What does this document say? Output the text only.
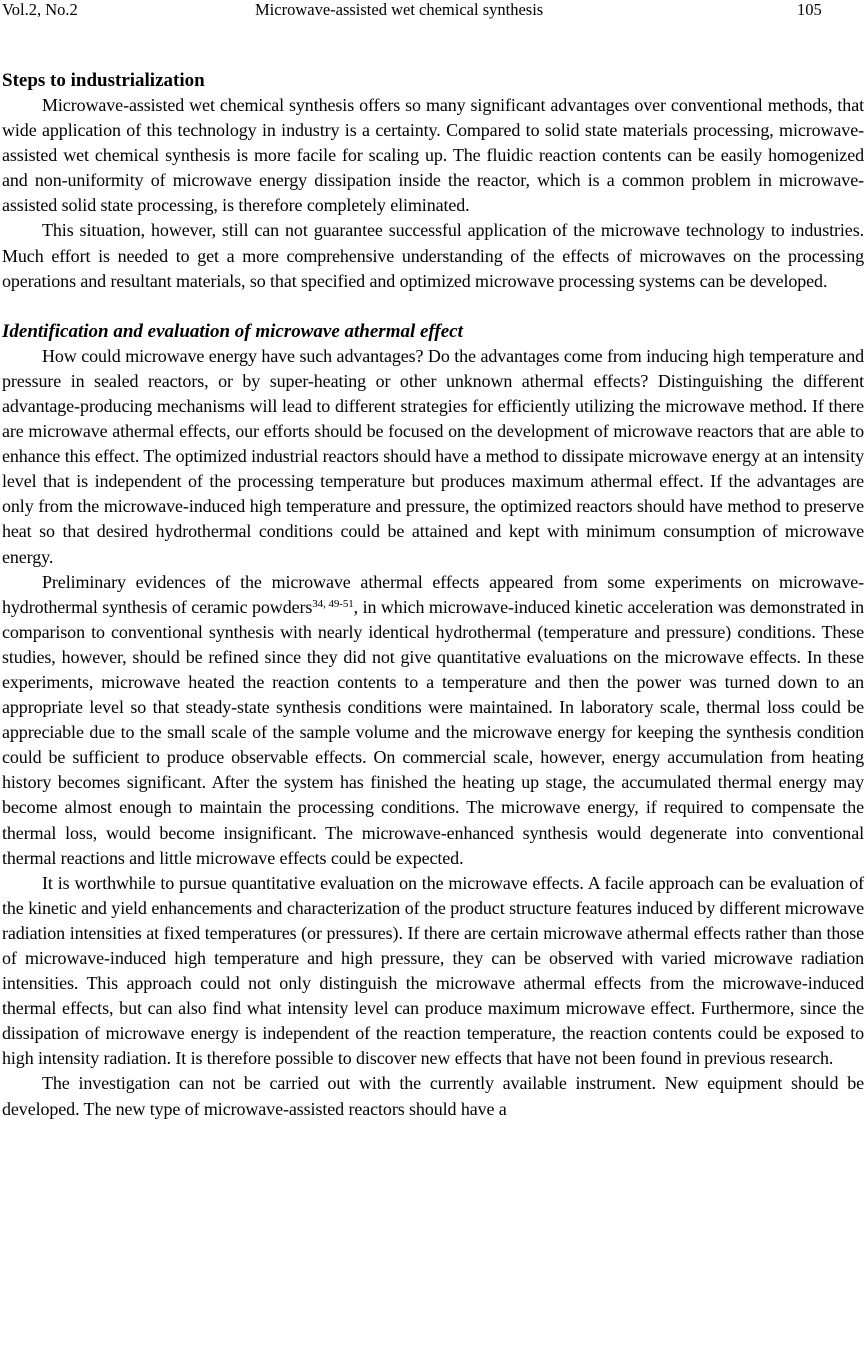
Vol.2, No.2	Microwave-assisted wet chemical synthesis	105
Steps to industrialization

Microwave-assisted wet chemical synthesis offers so many significant advantages over conventional methods, that wide application of this technology in industry is a certainty. Compared to solid state materials processing, microwave-assisted wet chemical synthesis is more facile for scaling up. The fluidic reaction contents can be easily homogenized and non-uniformity of microwave energy dissipation inside the reactor, which is a common problem in microwave-assisted solid state processing, is therefore completely eliminated.

This situation, however, still can not guarantee successful application of the microwave technology to industries. Much effort is needed to get a more comprehensive understanding of the effects of microwaves on the processing operations and resultant materials, so that specified and optimized microwave processing systems can be developed.

Identification and evaluation of microwave athermal effect

How could microwave energy have such advantages? Do the advantages come from inducing high temperature and pressure in sealed reactors, or by super-heating or other unknown athermal effects? Distinguishing the different advantage-producing mechanisms will lead to different strategies for efficiently utilizing the microwave method. If there are microwave athermal effects, our efforts should be focused on the development of microwave reactors that are able to enhance this effect. The optimized industrial reactors should have a method to dissipate microwave energy at an intensity level that is independent of the processing temperature but produces maximum athermal effect. If the advantages are only from the microwave-induced high temperature and pressure, the optimized reactors should have method to preserve heat so that desired hydrothermal conditions could be attained and kept with minimum consumption of microwave energy.

Preliminary evidences of the microwave athermal effects appeared from some experiments on microwave-hydrothermal synthesis of ceramic powders$^{34, 49-51}$, in which microwave-induced kinetic acceleration was demonstrated in comparison to conventional synthesis with nearly identical hydrothermal (temperature and pressure) conditions. These studies, however, should be refined since they did not give quantitative evaluations on the microwave effects. In these experiments, microwave heated the reaction contents to a temperature and then the power was turned down to an appropriate level so that steady-state synthesis conditions were maintained. In laboratory scale, thermal loss could be appreciable due to the small scale of the sample volume and the microwave energy for keeping the synthesis condition could be sufficient to produce observable effects. On commercial scale, however, energy accumulation from heating history becomes significant. After the system has finished the heating up stage, the accumulated thermal energy may become almost enough to maintain the processing conditions. The microwave energy, if required to compensate the thermal loss, would become insignificant. The microwave-enhanced synthesis would degenerate into conventional thermal reactions and little microwave effects could be expected.

It is worthwhile to pursue quantitative evaluation on the microwave effects. A facile approach can be evaluation of the kinetic and yield enhancements and characterization of the product structure features induced by different microwave radiation intensities at fixed temperatures (or pressures). If there are certain microwave athermal effects rather than those of microwave-induced high temperature and high pressure, they can be observed with varied microwave radiation intensities. This approach could not only distinguish the microwave athermal effects from the microwave-induced thermal effects, but can also find what intensity level can produce maximum microwave effect. Furthermore, since the dissipation of microwave energy is independent of the reaction temperature, the reaction contents could be exposed to high intensity radiation. It is therefore possible to discover new effects that have not been found in previous research.

The investigation can not be carried out with the currently available instrument. New equipment should be developed. The new type of microwave-assisted reactors should have a
